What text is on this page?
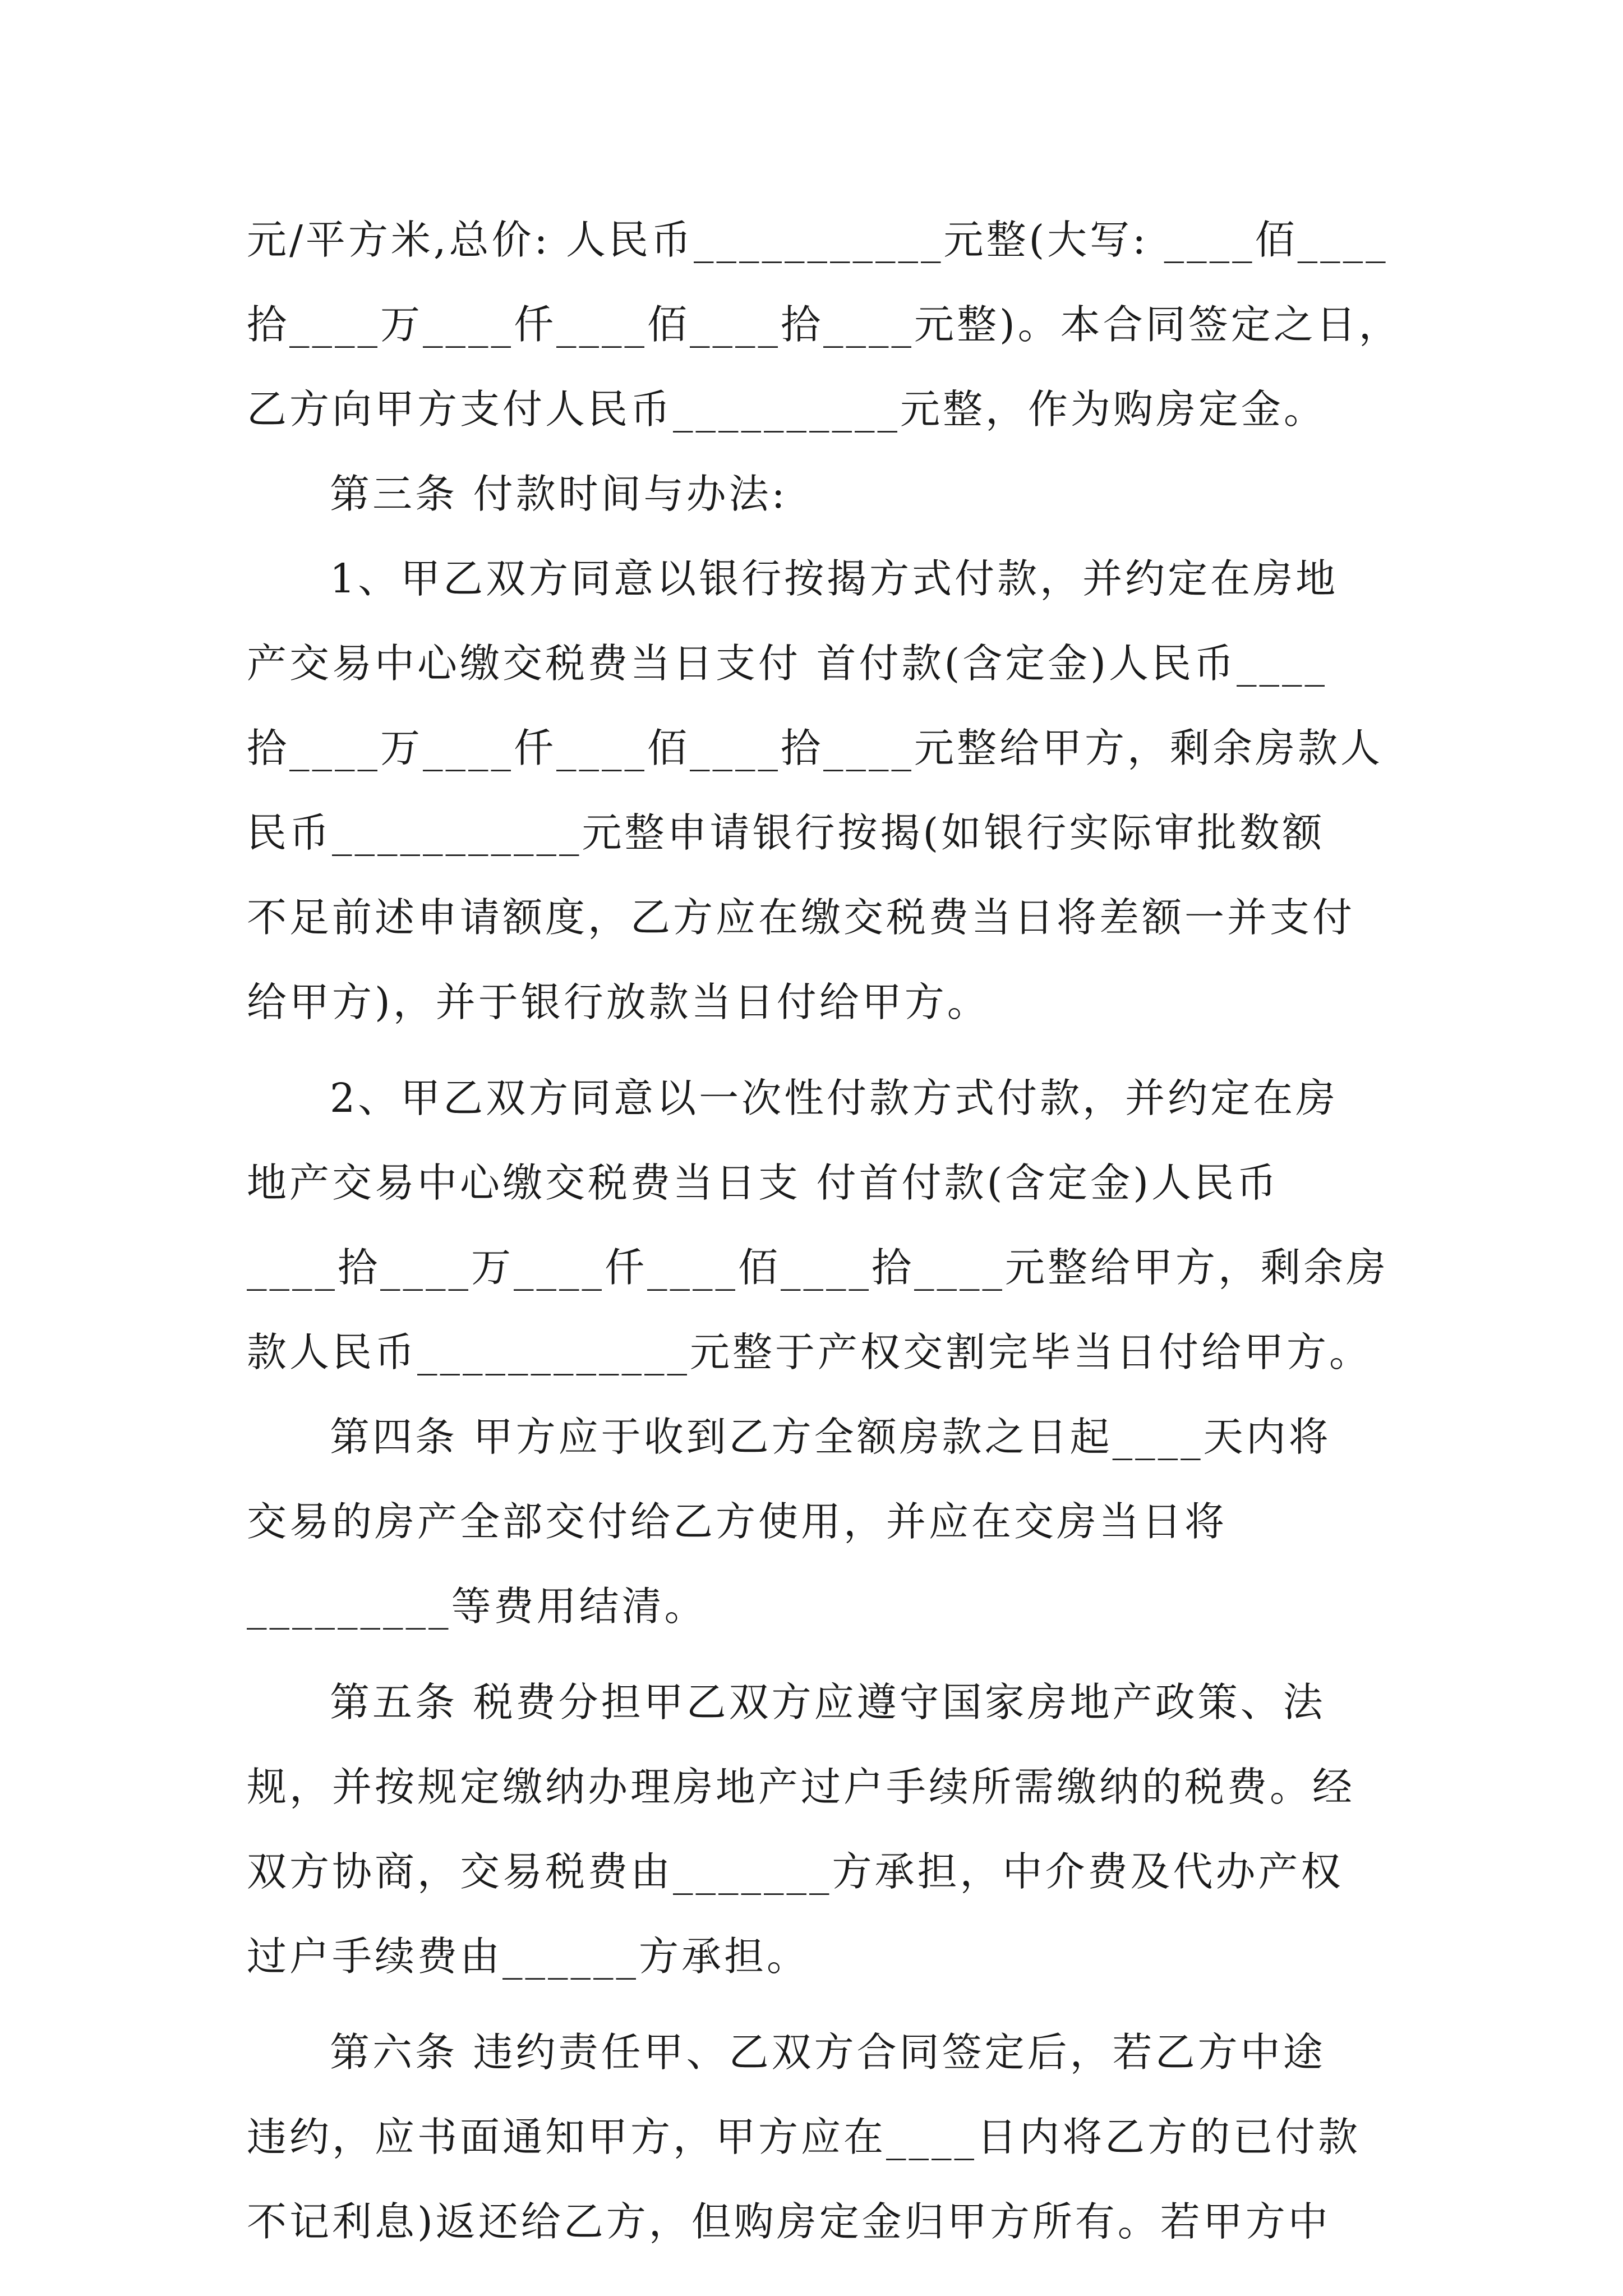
元/平方米,总价: 人民币___________元整(大写: ____佰____
拾____万____仟____佰____拾____元整)。本合同签定之日，
乙方向甲方支付人民币__________元整，作为购房定金。
第三条 付款时间与办法:
1、甲乙双方同意以银行按揭方式付款，并约定在房地
产交易中心缴交税费当日支付 首付款(含定金)人民币____
拾____万____仟____佰____拾____元整给甲方，剩余房款人
民币___________元整申请银行按揭(如银行实际审批数额
不足前述申请额度，乙方应在缴交税费当日将差额一并支付
给甲方)，并于银行放款当日付给甲方。
2、甲乙双方同意以一次性付款方式付款，并约定在房
地产交易中心缴交税费当日支 付首付款(含定金)人民币
____拾____万____仟____佰____拾____元整给甲方，剩余房
款人民币____________元整于产权交割完毕当日付给甲方。
第四条 甲方应于收到乙方全额房款之日起____天内将
交易的房产全部交付给乙方使用，并应在交房当日将
_________等费用结清。
第五条 税费分担甲乙双方应遵守国家房地产政策、法
规，并按规定缴纳办理房地产过户手续所需缴纳的税费。经
双方协商，交易税费由_______方承担，中介费及代办产权
过户手续费由______方承担。
第六条 违约责任甲、乙双方合同签定后，若乙方中途
违约，应书面通知甲方，甲方应在____日内将乙方的已付款
不记利息)返还给乙方，但购房定金归甲方所有。若甲方中
